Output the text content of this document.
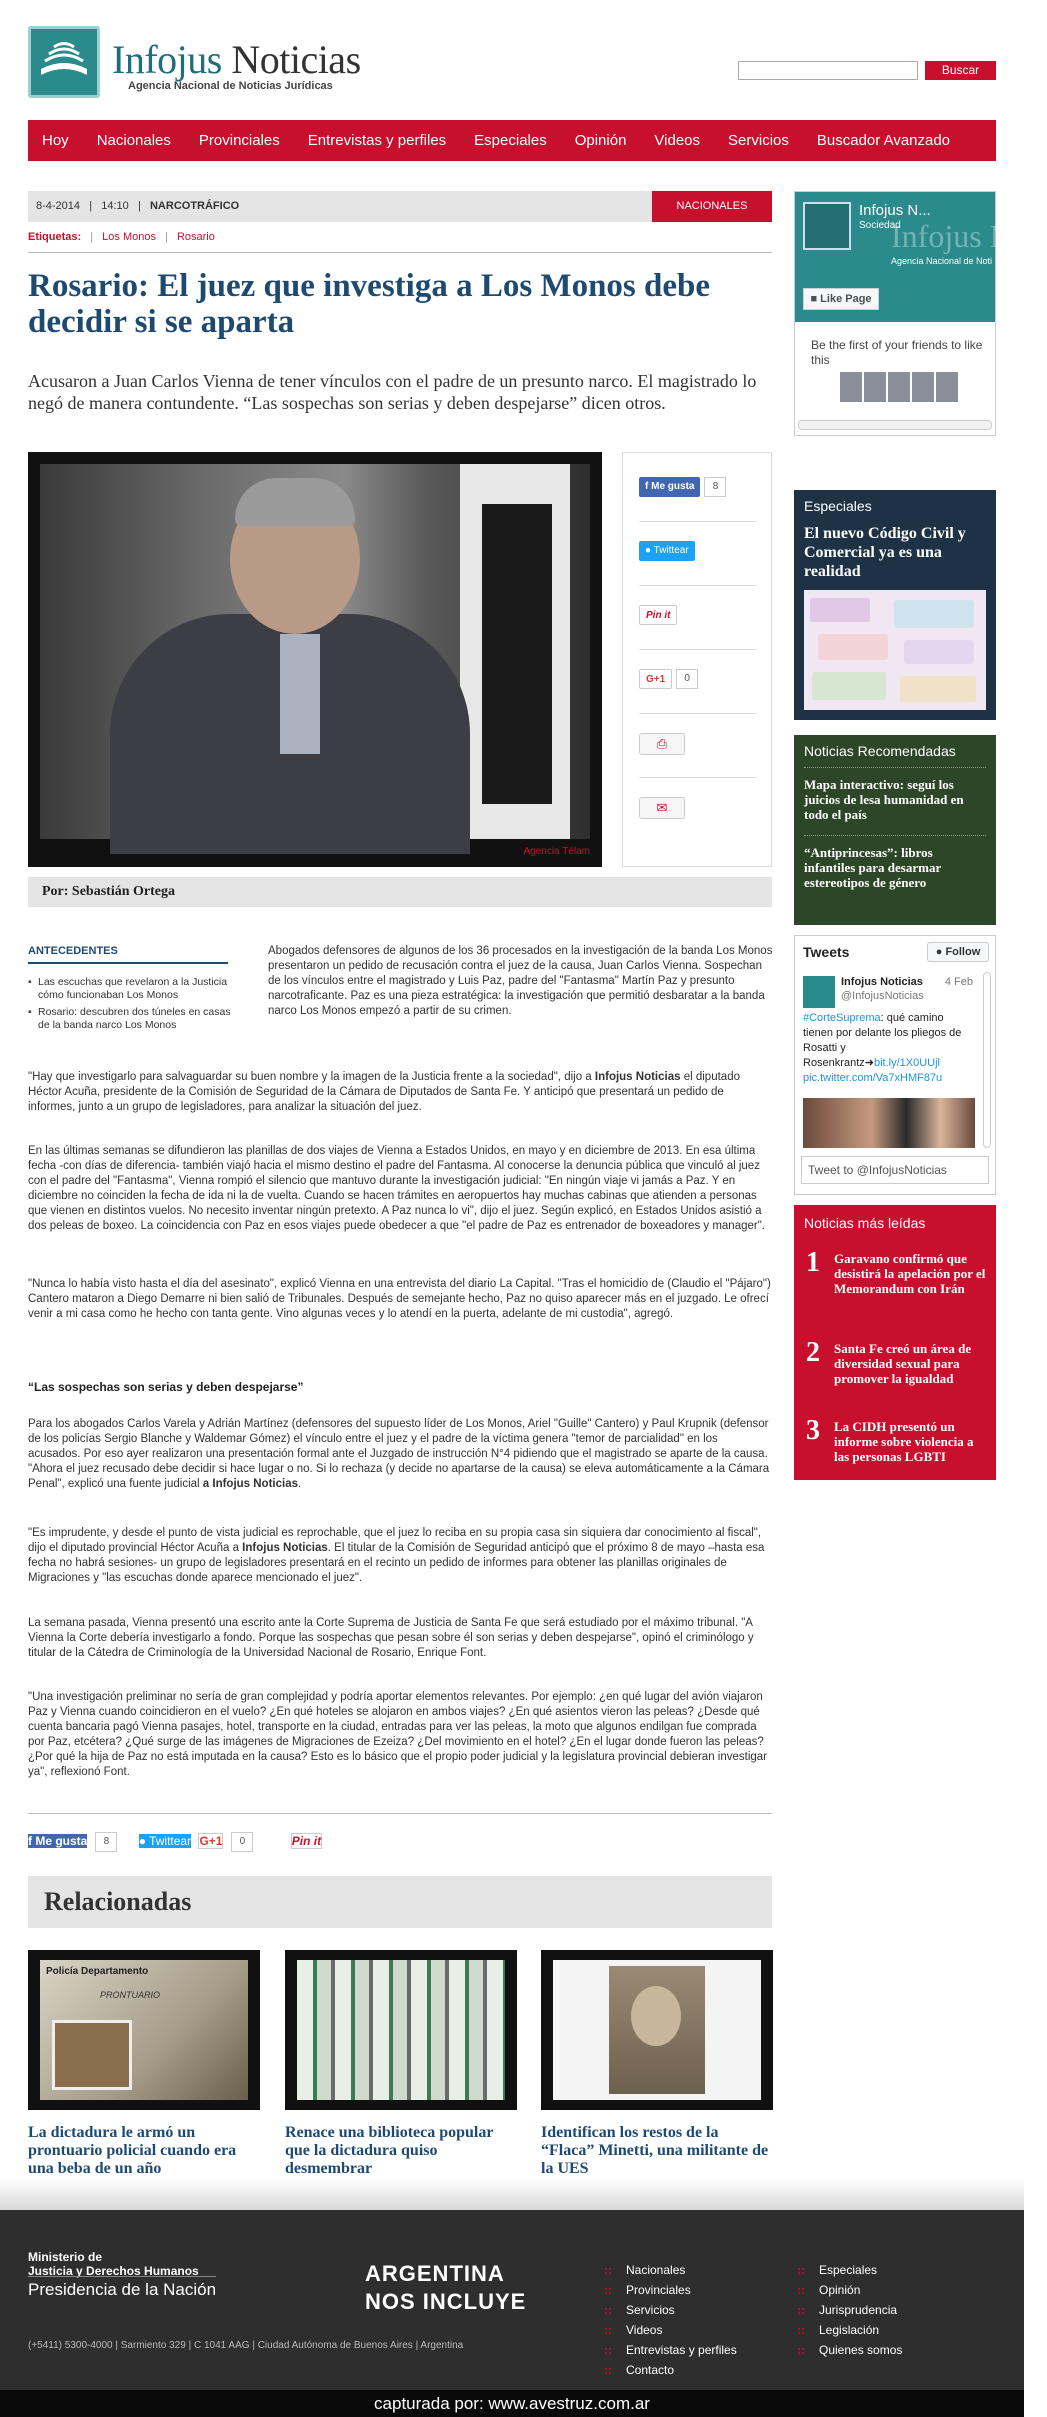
Infojus Noticias
Agencia Nacional de Noticias Jurídicas
Buscar
Hoy	Nacionales	Provinciales	Entrevistas y perfiles	Especiales	Opinión	Videos	Servicios	Buscador Avanzado
8-4-2014   |   14:10   |   NARCOTRÁFICO	NACIONALES
Etiquetas: | Los Monos | Rosario
Rosario: El juez que investiga a Los Monos debe decidir si se aparta

Acusaron a Juan Carlos Vienna de tener vínculos con el padre de un presunto narco. El magistrado lo negó de manera contundente. “Las sospechas son serias y deben despejarse” dicen otros.

Agencia Télam
f Me gusta 8
● Twittear
Pin it
G+1 0
⎙
✉
Por: Sebastián Ortega
ANTECEDENTES
▪ Las escuchas que revelaron a la Justicia cómo funcionaban Los Monos
▪ Rosario: descubren dos túneles en casas de la banda narco Los Monos

Abogados defensores de algunos de los 36 procesados en la investigación de la banda Los Monos presentaron un pedido de recusación contra el juez de la causa, Juan Carlos Vienna. Sospechan de los vínculos entre el magistrado y Luis Paz, padre del "Fantasma" Martín Paz y presunto narcotraficante. Paz es una pieza estratégica: la investigación que permitió desbaratar a la banda narco Los Monos empezó a partir de su crimen.

"Hay que investigarlo para salvaguardar su buen nombre y la imagen de la Justicia frente a la sociedad", dijo a Infojus Noticias el diputado Héctor Acuña, presidente de la Comisión de Seguridad de la Cámara de Diputados de Santa Fe. Y anticipó que presentará un pedido de informes, junto a un grupo de legisladores, para analizar la situación del juez.

En las últimas semanas se difundieron las planillas de dos viajes de Vienna a Estados Unidos, en mayo y en diciembre de 2013. En esa última fecha -con días de diferencia- también viajó hacia el mismo destino el padre del Fantasma. Al conocerse la denuncia pública que vinculó al juez con el padre del "Fantasma", Vienna rompió el silencio que mantuvo durante la investigación judicial: "En ningún viaje vi jamás a Paz. Y en diciembre no coinciden la fecha de ida ni la de vuelta. Cuando se hacen trámites en aeropuertos hay muchas cabinas que atienden a personas que vienen en distintos vuelos. No necesito inventar ningún pretexto. A Paz nunca lo vi", dijo el juez. Según explicó, en Estados Unidos asistió a dos peleas de boxeo. La coincidencia con Paz en esos viajes puede obedecer a que "el padre de Paz es entrenador de boxeadores y manager".

"Nunca lo había visto hasta el día del asesinato", explicó Vienna en una entrevista del diario La Capital. "Tras el homicidio de (Claudio el "Pájaro") Cantero mataron a Diego Demarre ni bien salió de Tribunales. Después de semejante hecho, Paz no quiso aparecer más en el juzgado. Le ofrecí venir a mi casa como he hecho con tanta gente. Vino algunas veces y lo atendí en la puerta, adelante de mi custodia", agregó.

“Las sospechas son serias y deben despejarse”

Para los abogados Carlos Varela y Adrián Martínez (defensores del supuesto líder de Los Monos, Ariel "Guille" Cantero) y Paul Krupnik (defensor de los policías Sergio Blanche y Waldemar Gómez) el vínculo entre el juez y el padre de la víctima genera "temor de parcialidad" en los acusados. Por eso ayer realizaron una presentación formal ante el Juzgado de instrucción N°4 pidiendo que el magistrado se aparte de la causa. "Ahora el juez recusado debe decidir si hace lugar o no. Si lo rechaza (y decide no apartarse de la causa) se eleva automáticamente a la Cámara Penal", explicó una fuente judicial a Infojus Noticias.

"Es imprudente, y desde el punto de vista judicial es reprochable, que el juez lo reciba en su propia casa sin siquiera dar conocimiento al fiscal", dijo el diputado provincial Héctor Acuña a Infojus Noticias. El titular de la Comisión de Seguridad anticipó que el próximo 8 de mayo –hasta esa fecha no habrá sesiones- un grupo de legisladores presentará en el recinto un pedido de informes para obtener las planillas originales de Migraciones y "las escuchas donde aparece mencionado el juez".

La semana pasada, Vienna presentó una escrito ante la Corte Suprema de Justicia de Santa Fe que será estudiado por el máximo tribunal. "A Vienna la Corte debería investigarlo a fondo. Porque las sospechas que pesan sobre él son serias y deben despejarse", opinó el criminólogo y titular de la Cátedra de Criminología de la Universidad Nacional de Rosario, Enrique Font.

"Una investigación preliminar no sería de gran complejidad y podría aportar elementos relevantes. Por ejemplo: ¿en qué lugar del avión viajaron Paz y Vienna cuando coincidieron en el vuelo? ¿En qué hoteles se alojaron en ambos viajes? ¿En qué asientos vieron las peleas? ¿Desde qué cuenta bancaria pagó Vienna pasajes, hotel, transporte en la ciudad, entradas para ver las peleas, la moto que algunos endilgan fue comprada por Paz, etcétera? ¿Qué surge de las imágenes de Migraciones de Ezeiza? ¿Del movimiento en el hotel? ¿En el lugar donde fueron las peleas? ¿Por qué la hija de Paz no está imputada en la causa? Esto es lo básico que el propio poder judicial y la legislatura provincial debieran investigar ya", reflexionó Font.

f Me gusta 8 ● Twittear G+1 0	Pin it
Relacionadas
Policía Departamento
PRONTUARIO
La dictadura le armó un prontuario policial cuando era una beba de un año
Renace una biblioteca popular que la dictadura quiso desmembrar
Identifican los restos de la “Flaca” Minetti, una militante de la UES
Infojus Noti
Agencia Nacional de Noti
Infojus N...
Sociedad
■ Like Page
Be the first of your friends to like this
Especiales
El nuevo Código Civil y Comercial ya es una realidad
Noticias Recomendadas
Mapa interactivo: seguí los juicios de lesa humanidad en todo el país
“Antiprincesas”: libros infantiles para desarmar estereotipos de género
Tweets	● Follow
Infojus Noticias
@InfojusNoticias
4 Feb
#CorteSuprema: qué camino tienen por delante los pliegos de Rosatti y Rosenkrantz➜bit.ly/1X0UUjl pic.twitter.com/Va7xHMF87u
Tweet to @InfojusNoticias
Noticias más leídas
1 Garavano confirmó que desistirá la apelación por el Memorandum con Irán
2 Santa Fe creó un área de diversidad sexual para promover la igualdad
3 La CIDH presentó un informe sobre violencia a las personas LGBTI
Ministerio de
Justicia y Derechos Humanos
Presidencia de la Nación
ARGENTINA
NOS INCLUYE
(+5411) 5300-4000 | Sarmiento 329 | C 1041 AAG | Ciudad Autónoma de Buenos Aires | Argentina
:: Nacionales
:: Provinciales
:: Servicios
:: Videos
:: Entrevistas y perfiles
:: Contacto
:: Especiales
:: Opinión
:: Jurisprudencia
:: Legislación
:: Quienes somos
capturada por: www.avestruz.com.ar
